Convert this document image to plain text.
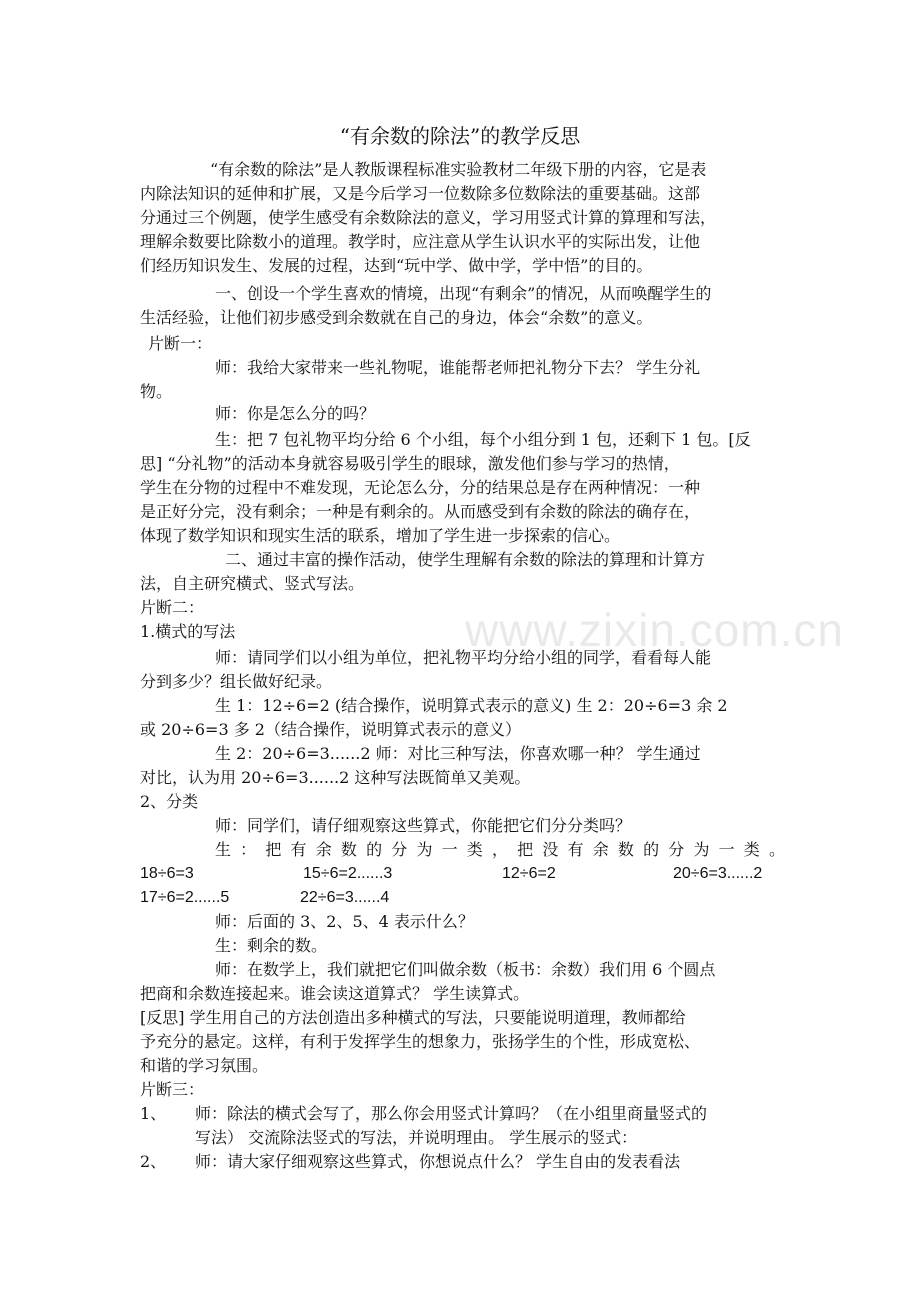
www.zixin.com.cn
“有余数的除法”的教学反思
“有余数的除法”是人教版课程标准实验教材二年级下册的内容，它是表
内除法知识的延伸和扩展，又是今后学习一位数除多位数除法的重要基础。这部
分通过三个例题，使学生感受有余数除法的意义，学习用竖式计算的算理和写法，
理解余数要比除数小的道理。教学时，应注意从学生认识水平的实际出发，让他
们经历知识发生、发展的过程，达到“玩中学、做中学，学中悟”的目的。
一、创设一个学生喜欢的情境，出现“有剩余”的情况，从而唤醒学生的
生活经验，让他们初步感受到余数就在自己的身边，体会“余数”的意义。
片断一：
师：我给大家带来一些礼物呢，谁能帮老师把礼物分下去？ 学生分礼
物。
师：你是怎么分的吗？
生：把 7 包礼物平均分给 6 个小组，每个小组分到 1 包，还剩下 1 包。[反
思] “分礼物”的活动本身就容易吸引学生的眼球，激发他们参与学习的热情，
学生在分物的过程中不难发现，无论怎么分，分的结果总是存在两种情况：一种
是正好分完，没有剩余；一种是有剩余的。从而感受到有余数的除法的确存在，
体现了数学知识和现实生活的联系，增加了学生进一步探索的信心。
二、通过丰富的操作活动，使学生理解有余数的除法的算理和计算方
法，自主研究横式、竖式写法。
片断二：
1.横式的写法
师：请同学们以小组为单位，把礼物平均分给小组的同学，看看每人能
分到多少？组长做好纪录。
生 1：12÷6=2 (结合操作，说明算式表示的意义) 生 2：20÷6=3 余 2
或 20÷6=3 多 2（结合操作，说明算式表示的意义）
生 2：20÷6=3......2 师：对比三种写法，你喜欢哪一种？ 学生通过
对比，认为用 20÷6=3......2 这种写法既简单又美观。
2、分类
师：同学们，请仔细观察这些算式，你能把它们分分类吗？
生：把有余数的分为一类，把没有余数的分为一类。
18÷6=3	15÷6=2......3	12÷6=2	20÷6=3......2
17÷6=2......5	22÷6=3......4
师：后面的 3、2、5、4 表示什么？
生：剩余的数。
师：在数学上，我们就把它们叫做余数（板书：余数）我们用 6 个圆点
把商和余数连接起来。谁会读这道算式？ 学生读算式。
[反思] 学生用自己的方法创造出多种横式的写法，只要能说明道理，教师都给
予充分的悬定。这样，有利于发挥学生的想象力，张扬学生的个性，形成宽松、
和谐的学习氛围。
片断三：
1、	师：除法的横式会写了，那么你会用竖式计算吗？（在小组里商量竖式的
写法） 交流除法竖式的写法，并说明理由。 学生展示的竖式：
2、	师：请大家仔细观察这些算式，你想说点什么？ 学生自由的发表看法
